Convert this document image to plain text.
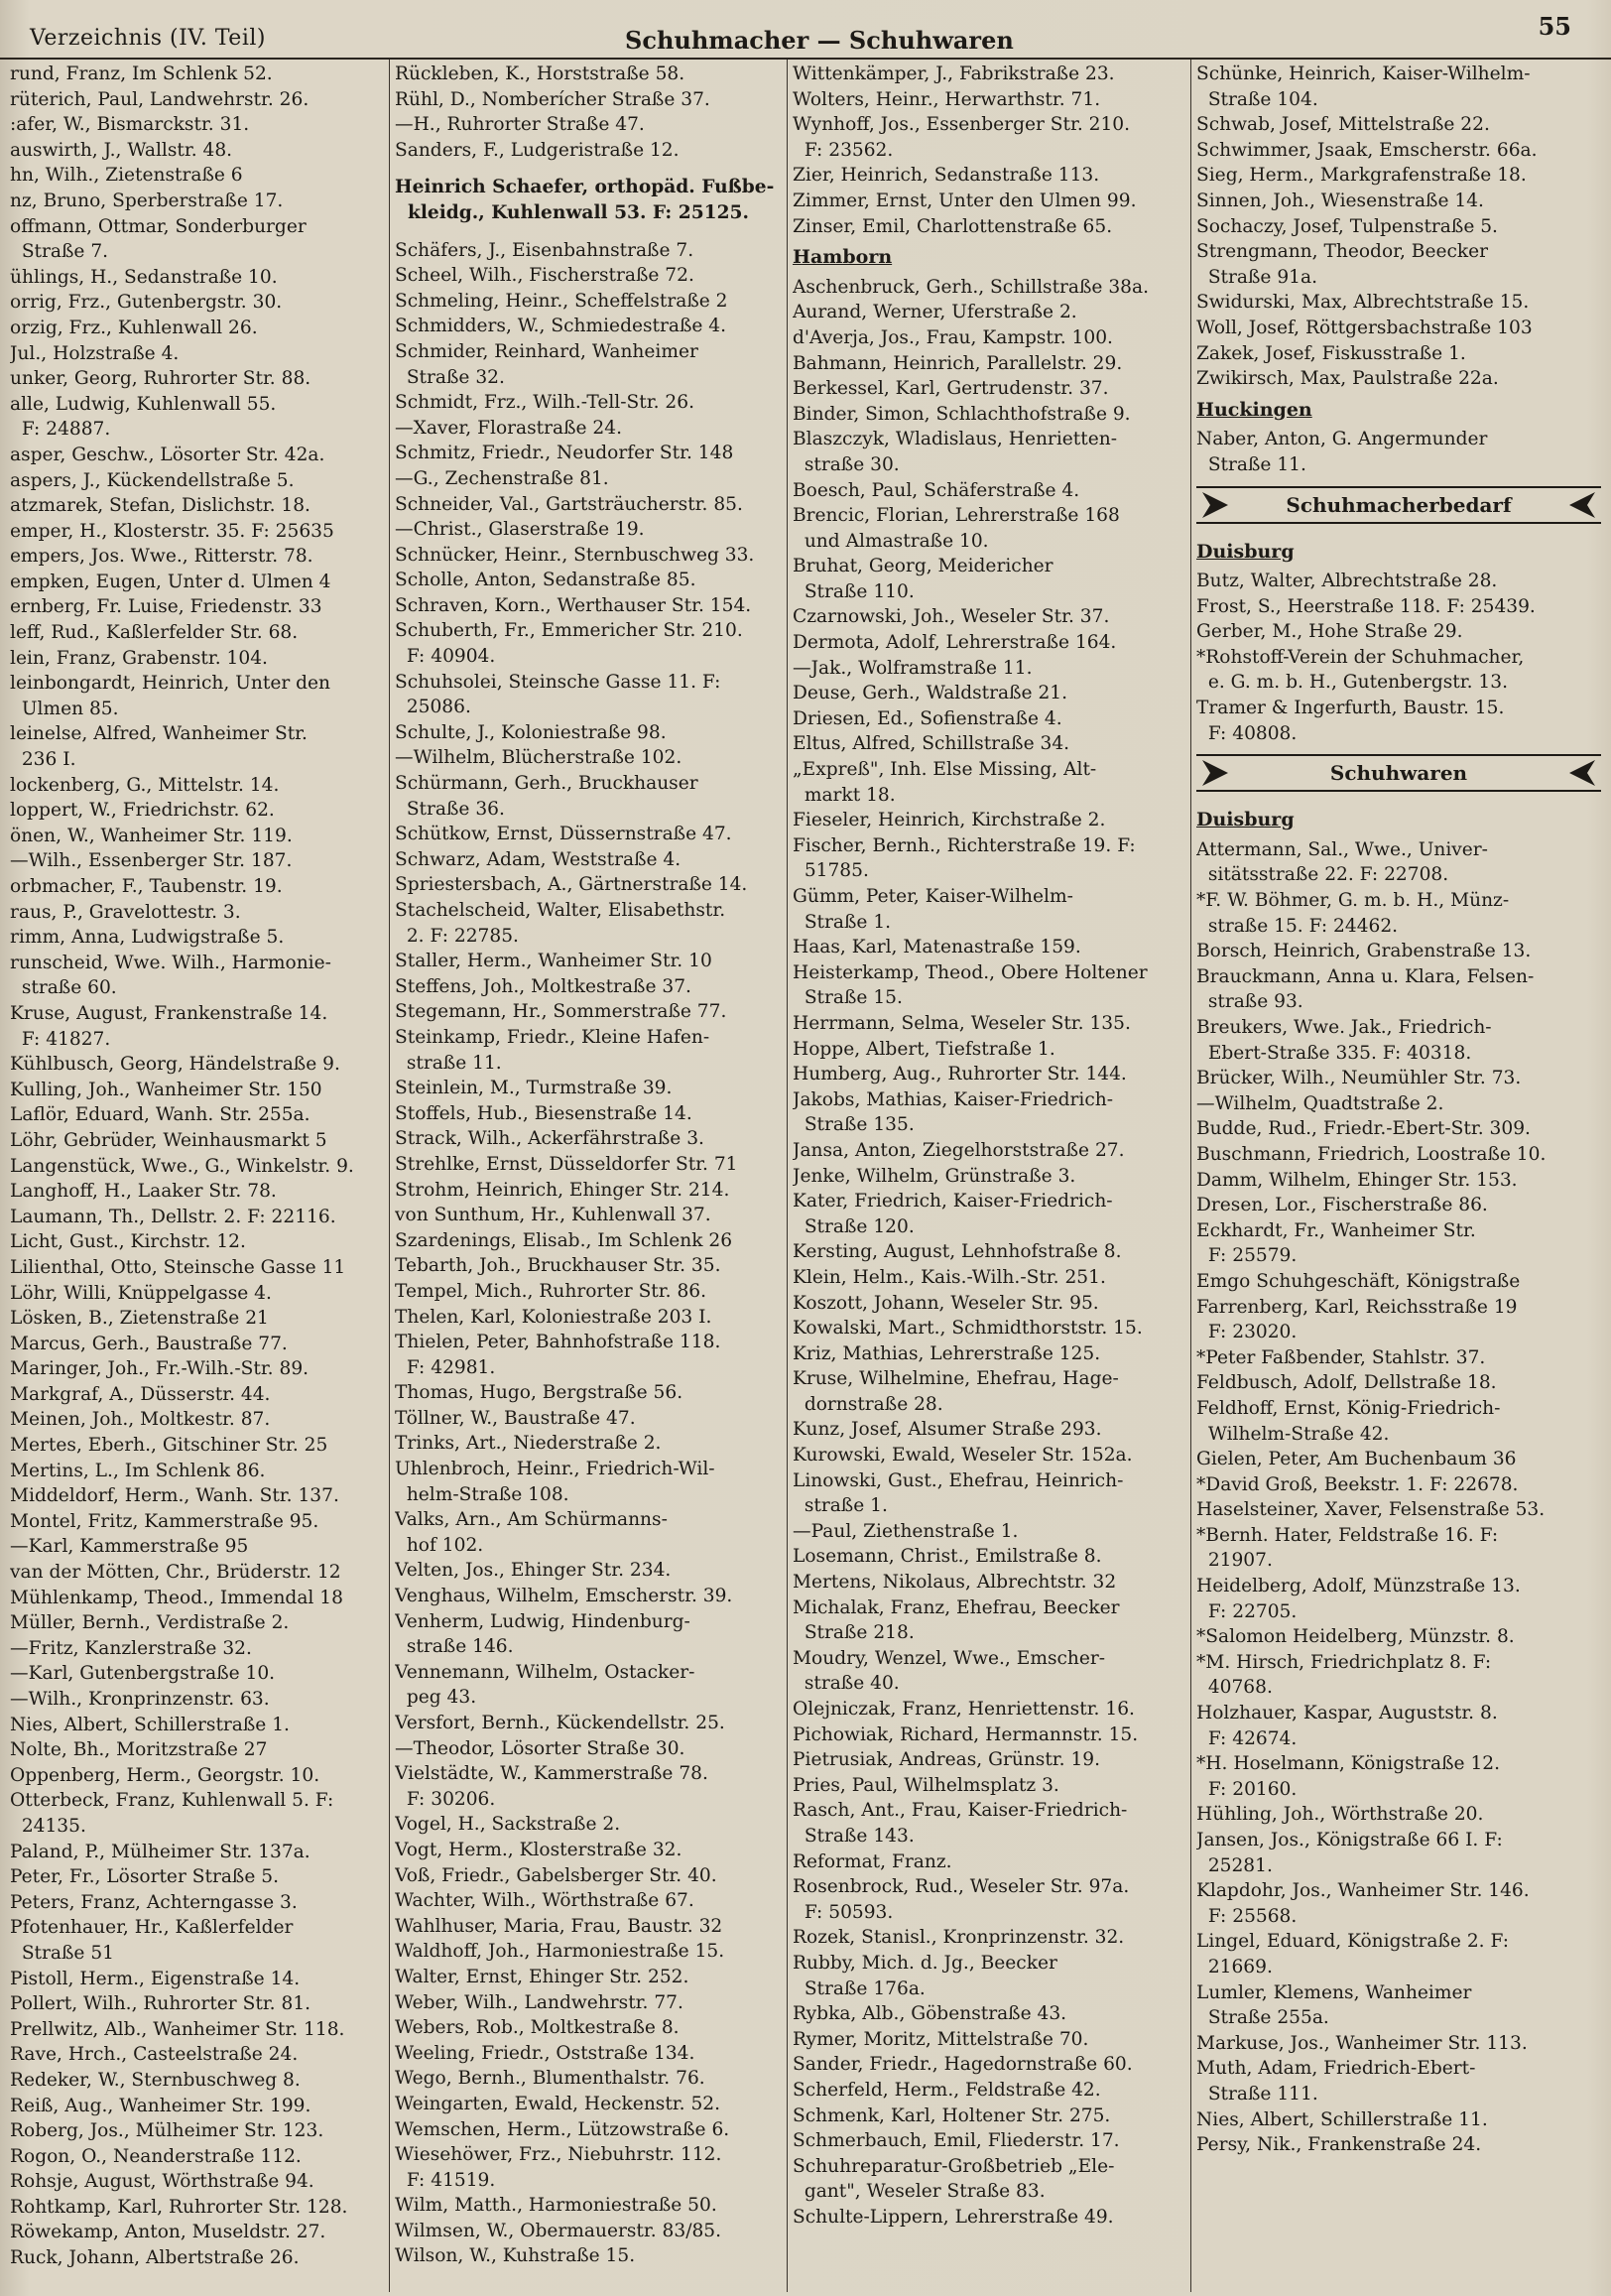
Verzeichnis (IV. Teil)	Schuhmacher — Schuhwaren	55
rund, Franz, Im Schlenk 52.
rüterich, Paul, Landwehrstr. 26.
:afer, W., Bismarckstr. 31.
auswirth, J., Wallstr. 48.
hn, Wilh., Zietenstraße 6
nz, Bruno, Sperberstraße 17.
offmann, Ottmar, Sonderburger
Straße 7.
ühlings, H., Sedanstraße 10.
orrig, Frz., Gutenbergstr. 30.
orzig, Frz., Kuhlenwall 26.
Jul., Holzstraße 4.
unker, Georg, Ruhrorter Str. 88.
alle, Ludwig, Kuhlenwall 55.
F: 24887.
asper, Geschw., Lösorter Str. 42a.
aspers, J., Kückendellstraße 5.
atzmarek, Stefan, Dislichstr. 18.
emper, H., Klosterstr. 35. F: 25635
empers, Jos. Wwe., Ritterstr. 78.
empken, Eugen, Unter d. Ulmen 4
ernberg, Fr. Luise, Friedenstr. 33
leff, Rud., Kaßlerfelder Str. 68.
lein, Franz, Grabenstr. 104.
leinbongardt, Heinrich, Unter den
Ulmen 85.
leinelse, Alfred, Wanheimer Str.
236 I.
lockenberg, G., Mittelstr. 14.
loppert, W., Friedrichstr. 62.
önen, W., Wanheimer Str. 119.
—Wilh., Essenberger Str. 187.
orbmacher, F., Taubenstr. 19.
raus, P., Gravelottestr. 3.
rimm, Anna, Ludwigstraße 5.
runscheid, Wwe. Wilh., Harmonie-
straße 60.
Kruse, August, Frankenstraße 14.
F: 41827.
Kühlbusch, Georg, Händelstraße 9.
Kulling, Joh., Wanheimer Str. 150
Laflör, Eduard, Wanh. Str. 255a.
Löhr, Gebrüder, Weinhausmarkt 5
Langenstück, Wwe., G., Winkelstr. 9.
Langhoff, H., Laaker Str. 78.
Laumann, Th., Dellstr. 2. F: 22116.
Licht, Gust., Kirchstr. 12.
Lilienthal, Otto, Steinsche Gasse 11
Löhr, Willi, Knüppelgasse 4.
Lösken, B., Zietenstraße 21
Marcus, Gerh., Baustraße 77.
Maringer, Joh., Fr.-Wilh.-Str. 89.
Markgraf, A., Düsserstr. 44.
Meinen, Joh., Moltkestr. 87.
Mertes, Eberh., Gitschiner Str. 25
Mertins, L., Im Schlenk 86.
Middeldorf, Herm., Wanh. Str. 137.
Montel, Fritz, Kammerstraße 95.
—Karl, Kammerstraße 95
van der Mötten, Chr., Brüderstr. 12
Mühlenkamp, Theod., Immendal 18
Müller, Bernh., Verdistraße 2.
—Fritz, Kanzlerstraße 32.
—Karl, Gutenbergstraße 10.
—Wilh., Kronprinzenstr. 63.
Nies, Albert, Schillerstraße 1.
Nolte, Bh., Moritzstraße 27
Oppenberg, Herm., Georgstr. 10.
Otterbeck, Franz, Kuhlenwall 5. F:
24135.
Paland, P., Mülheimer Str. 137a.
Peter, Fr., Lösorter Straße 5.
Peters, Franz, Achterngasse 3.
Pfotenhauer, Hr., Kaßlerfelder
Straße 51
Pistoll, Herm., Eigenstraße 14.
Pollert, Wilh., Ruhrorter Str. 81.
Prellwitz, Alb., Wanheimer Str. 118.
Rave, Hrch., Casteelstraße 24.
Redeker, W., Sternbuschweg 8.
Reiß, Aug., Wanheimer Str. 199.
Roberg, Jos., Mülheimer Str. 123.
Rogon, O., Neanderstraße 112.
Rohsje, August, Wörthstraße 94.
Rohtkamp, Karl, Ruhrorter Str. 128.
Röwekamp, Anton, Museldstr. 27.
Ruck, Johann, Albertstraße 26.
Rückleben, K., Horststraße 58.
Rühl, D., Nomberícher Straße 37.
—H., Ruhrorter Straße 47.
Sanders, F., Ludgeristraße 12.
Heinrich Schaefer, orthopäd. Fußbe-
kleidg., Kuhlenwall 53. F: 25125.
Schäfers, J., Eisenbahnstraße 7.
Scheel, Wilh., Fischerstraße 72.
Schmeling, Heinr., Scheffelstraße 2
Schmidders, W., Schmiedestraße 4.
Schmider, Reinhard, Wanheimer
Straße 32.
Schmidt, Frz., Wilh.-Tell-Str. 26.
—Xaver, Florastraße 24.
Schmitz, Friedr., Neudorfer Str. 148
—G., Zechenstraße 81.
Schneider, Val., Gartsträucherstr. 85.
—Christ., Glaserstraße 19.
Schnücker, Heinr., Sternbuschweg 33.
Scholle, Anton, Sedanstraße 85.
Schraven, Korn., Werthauser Str. 154.
Schuberth, Fr., Emmericher Str. 210.
F: 40904.
Schuhsolei, Steinsche Gasse 11. F:
25086.
Schulte, J., Koloniestraße 98.
—Wilhelm, Blücherstraße 102.
Schürmann, Gerh., Bruckhauser
Straße 36.
Schütkow, Ernst, Düssernstraße 47.
Schwarz, Adam, Weststraße 4.
Spriestersbach, A., Gärtnerstraße 14.
Stachelscheid, Walter, Elisabethstr.
2. F: 22785.
Staller, Herm., Wanheimer Str. 10
Steffens, Joh., Moltkestraße 37.
Stegemann, Hr., Sommerstraße 77.
Steinkamp, Friedr., Kleine Hafen-
straße 11.
Steinlein, M., Turmstraße 39.
Stoffels, Hub., Biesenstraße 14.
Strack, Wilh., Ackerfährstraße 3.
Strehlke, Ernst, Düsseldorfer Str. 71
Strohm, Heinrich, Ehinger Str. 214.
von Sunthum, Hr., Kuhlenwall 37.
Szardenings, Elisab., Im Schlenk 26
Tebarth, Joh., Bruckhauser Str. 35.
Tempel, Mich., Ruhrorter Str. 86.
Thelen, Karl, Koloniestraße 203 I.
Thielen, Peter, Bahnhofstraße 118.
F: 42981.
Thomas, Hugo, Bergstraße 56.
Töllner, W., Baustraße 47.
Trinks, Art., Niederstraße 2.
Uhlenbroch, Heinr., Friedrich-Wil-
helm-Straße 108.
Valks, Arn., Am Schürmanns-
hof 102.
Velten, Jos., Ehinger Str. 234.
Venghaus, Wilhelm, Emscherstr. 39.
Venherm, Ludwig, Hindenburg-
straße 146.
Vennemann, Wilhelm, Ostacker-
peg 43.
Versfort, Bernh., Kückendellstr. 25.
—Theodor, Lösorter Straße 30.
Vielstädte, W., Kammerstraße 78.
F: 30206.
Vogel, H., Sackstraße 2.
Vogt, Herm., Klosterstraße 32.
Voß, Friedr., Gabelsberger Str. 40.
Wachter, Wilh., Wörthstraße 67.
Wahlhuser, Maria, Frau, Baustr. 32
Waldhoff, Joh., Harmoniestraße 15.
Walter, Ernst, Ehinger Str. 252.
Weber, Wilh., Landwehrstr. 77.
Webers, Rob., Moltkestraße 8.
Weeling, Friedr., Oststraße 134.
Wego, Bernh., Blumenthalstr. 76.
Weingarten, Ewald, Heckenstr. 52.
Wemschen, Herm., Lützowstraße 6.
Wiesehöwer, Frz., Niebuhrstr. 112.
F: 41519.
Wilm, Matth., Harmoniestraße 50.
Wilmsen, W., Obermauerstr. 83/85.
Wilson, W., Kuhstraße 15.
Wittenkämper, J., Fabrikstraße 23.
Wolters, Heinr., Herwarthstr. 71.
Wynhoff, Jos., Essenberger Str. 210.
F: 23562.
Zier, Heinrich, Sedanstraße 113.
Zimmer, Ernst, Unter den Ulmen 99.
Zinser, Emil, Charlottenstraße 65.
Hamborn
Aschenbruck, Gerh., Schillstraße 38a.
Aurand, Werner, Uferstraße 2.
d'Averja, Jos., Frau, Kampstr. 100.
Bahmann, Heinrich, Parallelstr. 29.
Berkessel, Karl, Gertrudenstr. 37.
Binder, Simon, Schlachthofstraße 9.
Blaszczyk, Wladislaus, Henrietten-
straße 30.
Boesch, Paul, Schäferstraße 4.
Brencic, Florian, Lehrerstraße 168
und Almastraße 10.
Bruhat, Georg, Meidericher
Straße 110.
Czarnowski, Joh., Weseler Str. 37.
Dermota, Adolf, Lehrerstraße 164.
—Jak., Wolframstraße 11.
Deuse, Gerh., Waldstraße 21.
Driesen, Ed., Sofienstraße 4.
Eltus, Alfred, Schillstraße 34.
„Expreß", Inh. Else Missing, Alt-
markt 18.
Fieseler, Heinrich, Kirchstraße 2.
Fischer, Bernh., Richterstraße 19. F:
51785.
Gümm, Peter, Kaiser-Wilhelm-
Straße 1.
Haas, Karl, Matenastraße 159.
Heisterkamp, Theod., Obere Holtener
Straße 15.
Herrmann, Selma, Weseler Str. 135.
Hoppe, Albert, Tiefstraße 1.
Humberg, Aug., Ruhrorter Str. 144.
Jakobs, Mathias, Kaiser-Friedrich-
Straße 135.
Jansa, Anton, Ziegelhorststraße 27.
Jenke, Wilhelm, Grünstraße 3.
Kater, Friedrich, Kaiser-Friedrich-
Straße 120.
Kersting, August, Lehnhofstraße 8.
Klein, Helm., Kais.-Wilh.-Str. 251.
Koszott, Johann, Weseler Str. 95.
Kowalski, Mart., Schmidthorststr. 15.
Kriz, Mathias, Lehrerstraße 125.
Kruse, Wilhelmine, Ehefrau, Hage-
dornstraße 28.
Kunz, Josef, Alsumer Straße 293.
Kurowski, Ewald, Weseler Str. 152a.
Linowski, Gust., Ehefrau, Heinrich-
straße 1.
—Paul, Ziethenstraße 1.
Losemann, Christ., Emilstraße 8.
Mertens, Nikolaus, Albrechtstr. 32
Michalak, Franz, Ehefrau, Beecker
Straße 218.
Moudry, Wenzel, Wwe., Emscher-
straße 40.
Olejniczak, Franz, Henriettenstr. 16.
Pichowiak, Richard, Hermannstr. 15.
Pietrusiak, Andreas, Grünstr. 19.
Pries, Paul, Wilhelmsplatz 3.
Rasch, Ant., Frau, Kaiser-Friedrich-
Straße 143.
Reformat, Franz.
Rosenbrock, Rud., Weseler Str. 97a.
F: 50593.
Rozek, Stanisl., Kronprinzenstr. 32.
Rubby, Mich. d. Jg., Beecker
Straße 176a.
Rybka, Alb., Göbenstraße 43.
Rymer, Moritz, Mittelstraße 70.
Sander, Friedr., Hagedornstraße 60.
Scherfeld, Herm., Feldstraße 42.
Schmenk, Karl, Holtener Str. 275.
Schmerbauch, Emil, Fliederstr. 17.
Schuhreparatur-Großbetrieb „Ele-
gant", Weseler Straße 83.
Schulte-Lippern, Lehrerstraße 49.
Schünke, Heinrich, Kaiser-Wilhelm-
Straße 104.
Schwab, Josef, Mittelstraße 22.
Schwimmer, Jsaak, Emscherstr. 66a.
Sieg, Herm., Markgrafenstraße 18.
Sinnen, Joh., Wiesenstraße 14.
Sochaczy, Josef, Tulpenstraße 5.
Strengmann, Theodor, Beecker
Straße 91a.
Swidurski, Max, Albrechtstraße 15.
Woll, Josef, Röttgersbachstraße 103
Zakek, Josef, Fiskusstraße 1.
Zwikirsch, Max, Paulstraße 22a.
Huckingen
Naber, Anton, G. Angermunder
Straße 11.
Schuhmacherbedarf
Duisburg
Butz, Walter, Albrechtstraße 28.
Frost, S., Heerstraße 118. F: 25439.
Gerber, M., Hohe Straße 29.
*Rohstoff-Verein der Schuhmacher,
e. G. m. b. H., Gutenbergstr. 13.
Tramer & Ingerfurth, Baustr. 15.
F: 40808.
Schuhwaren
Duisburg
Attermann, Sal., Wwe., Univer-
sitätsstraße 22. F: 22708.
*F. W. Böhmer, G. m. b. H., Münz-
straße 15. F: 24462.
Borsch, Heinrich, Grabenstraße 13.
Brauckmann, Anna u. Klara, Felsen-
straße 93.
Breukers, Wwe. Jak., Friedrich-
Ebert-Straße 335. F: 40318.
Brücker, Wilh., Neumühler Str. 73.
—Wilhelm, Quadtstraße 2.
Budde, Rud., Friedr.-Ebert-Str. 309.
Buschmann, Friedrich, Loostraße 10.
Damm, Wilhelm, Ehinger Str. 153.
Dresen, Lor., Fischerstraße 86.
Eckhardt, Fr., Wanheimer Str.
F: 25579.
Emgo Schuhgeschäft, Königstraße
Farrenberg, Karl, Reichsstraße 19
F: 23020.
*Peter Faßbender, Stahlstr. 37.
Feldbusch, Adolf, Dellstraße 18.
Feldhoff, Ernst, König-Friedrich-
Wilhelm-Straße 42.
Gielen, Peter, Am Buchenbaum 36
*David Groß, Beekstr. 1. F: 22678.
Haselsteiner, Xaver, Felsenstraße 53.
*Bernh. Hater, Feldstraße 16. F:
21907.
Heidelberg, Adolf, Münzstraße 13.
F: 22705.
*Salomon Heidelberg, Münzstr. 8.
*M. Hirsch, Friedrichplatz 8. F:
40768.
Holzhauer, Kaspar, Auguststr. 8.
F: 42674.
*H. Hoselmann, Königstraße 12.
F: 20160.
Hühling, Joh., Wörthstraße 20.
Jansen, Jos., Königstraße 66 I. F:
25281.
Klapdohr, Jos., Wanheimer Str. 146.
F: 25568.
Lingel, Eduard, Königstraße 2. F:
21669.
Lumler, Klemens, Wanheimer
Straße 255a.
Markuse, Jos., Wanheimer Str. 113.
Muth, Adam, Friedrich-Ebert-
Straße 111.
Nies, Albert, Schillerstraße 11.
Persy, Nik., Frankenstraße 24.
